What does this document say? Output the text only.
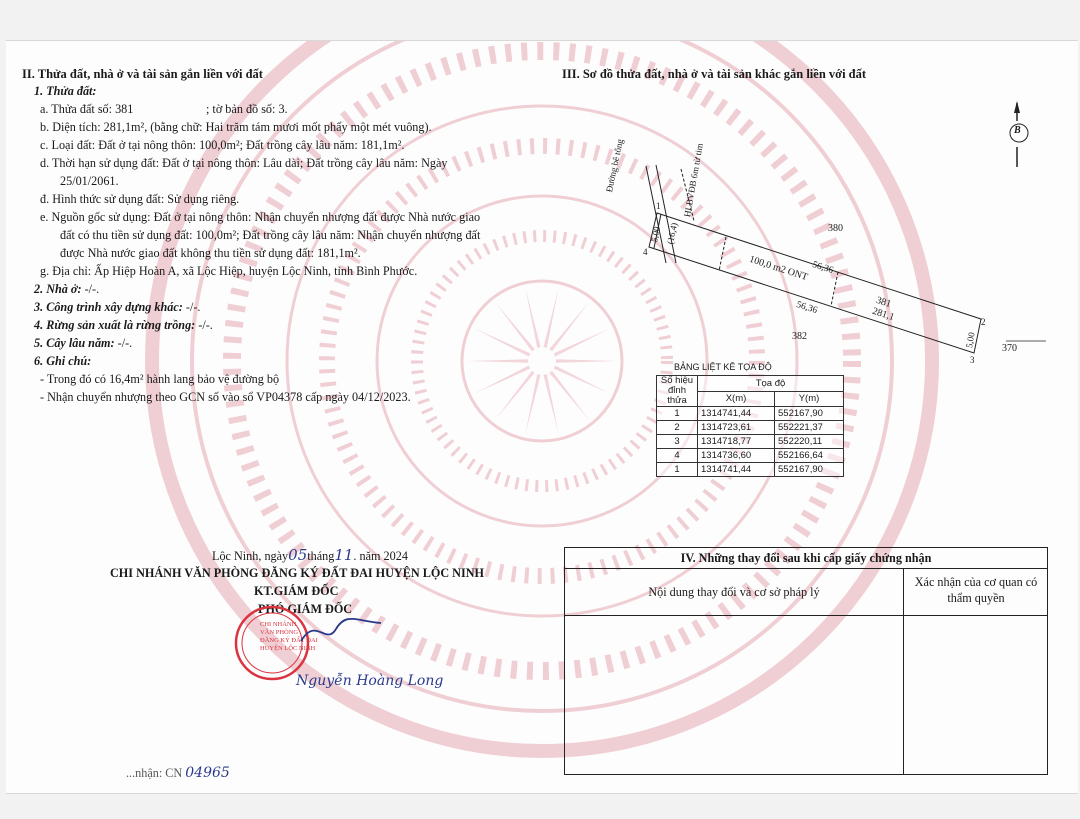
II. Thửa đất, nhà ở và tài sản gắn liền với đất
1. Thửa đất:
a. Thửa đất số: 381	; tờ bản đồ số: 3.
b. Diện tích: 281,1m², (bằng chữ: Hai trăm tám mươi mốt phẩy một mét vuông).
c. Loại đất: Đất ở tại nông thôn: 100,0m²; Đất trồng cây lâu năm: 181,1m².
d. Thời hạn sử dụng đất: Đất ở tại nông thôn: Lâu dài; Đất trồng cây lâu năm: Ngày
25/01/2061.
đ. Hình thức sử dụng đất: Sử dụng riêng.
e. Nguồn gốc sử dụng: Đất ở tại nông thôn: Nhận chuyển nhượng đất được Nhà nước giao
đất có thu tiền sử dụng đất: 100,0m²; Đất trồng cây lâu năm: Nhận chuyển nhượng đất
được Nhà nước giao đất không thu tiền sử dụng đất: 181,1m².
g. Địa chỉ: Ấp Hiệp Hoàn A, xã Lộc Hiệp, huyện Lộc Ninh, tỉnh Bình Phước.
2. Nhà ở: -/-.
3. Công trình xây dựng khác: -/-.
4. Rừng sản xuất là rừng trồng: -/-.
5. Cây lâu năm: -/-.
6. Ghi chú:
- Trong đó có 16,4m² hành lang bảo vệ đường bộ
- Nhận chuyển nhượng theo GCN số vào sổ VP04378 cấp ngày 04/12/2023.
III. Sơ đồ thửa đất, nhà ở và tài sản khác gắn liền với đất
Đường bê tông	HLBVĐB 6m từ tim
5,00 (16,4)
5,00
56,36
56,36
100,0 m2 ONT
381
281,1
380
382
370
1
2
3
4
B
BẢNG LIỆT KÊ TỌA ĐỘ
Số hiệu
đỉnh thửa	Tọa độ	
	X(m)	Y(m)
1	1314741,44	552167,90
2	1314723,61	552221,37
3	1314718,77	552220,11
4	1314736,60	552166,64
1	1314741,44	552167,90
Lộc Ninh, ngày05tháng11. năm 2024
CHI NHÁNH VĂN PHÒNG ĐĂNG KÝ ĐẤT ĐAI HUYỆN LỘC NINH
KT.GIÁM ĐỐC
PHÓ GIÁM ĐỐC
CHI NHÁNH
VĂN PHÒNG
ĐĂNG KÝ ĐẤT ĐAI
HUYỆN LỘC NINH
Nguyễn Hoàng Long
...nhận: CN 04965
IV. Những thay đổi sau khi cấp giấy chứng nhận
Nội dung thay đổi và cơ sở pháp lý
Xác nhận của cơ quan có thẩm quyền
